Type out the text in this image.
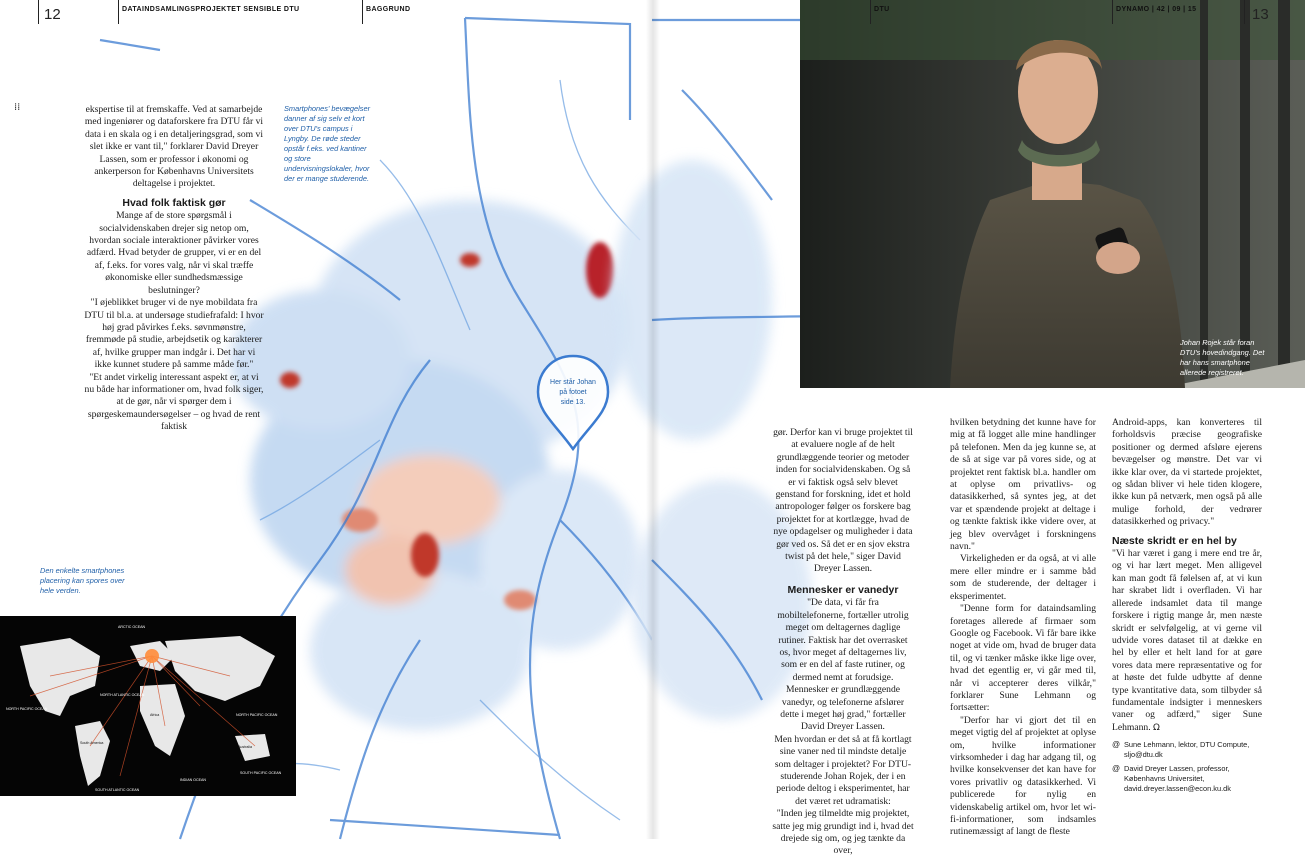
Her står Johan
på fotoet
side 13.
ARCTIC OCEAN
NORTH PACIFIC OCEAN
NORTH ATLANTIC OCEAN
SOUTH ATLANTIC OCEAN
INDIAN OCEAN
NORTH PACIFIC OCEAN
SOUTH PACIFIC OCEAN
South America
Africa
Australia
12	DATAINDSAMLINGSPROJEKTET SENSIBLE DTU	BAGGRUND
⁞⁞	Smartphones' bevægelser danner af sig selv et kort over DTU's campus i Lyngby. De røde steder opstår f.eks. ved kantiner og store undervisningslokaler, hvor der er mange studerende.
Den enkelte smartphones placering kan spores over hele verden.

ekspertise til at fremskaffe. Ved at samarbejde med ingeniører og dataforskere fra DTU får vi data i en skala og i en detaljeringsgrad, som vi slet ikke er vant til," forklarer David Dreyer Lassen, som er professor i økonomi og ankerperson for Københavns Universitets deltagelse i projektet.

Hvad folk faktisk gør

Mange af de store spørgsmål i socialvidenskaben drejer sig netop om, hvordan sociale interaktioner påvirker vores adfærd. Hvad betyder de grupper, vi er en del af, f.eks. for vores valg, når vi skal træffe økonomiske eller sundhedsmæssige beslutninger?

"I øjeblikket bruger vi de nye mobildata fra DTU til bl.a. at undersøge studiefrafald: I hvor høj grad påvirkes f.eks. søvnmønstre, fremmøde på studie, arbejdsetik og karakterer af, hvilke grupper man indgår i. Det har vi ikke kunnet studere på samme måde før."

"Et andet virkelig interessant aspekt er, at vi nu både har informationer om, hvad folk siger, at de gør, når vi spørger dem i spørgeskemaundersøgelser – og hvad de rent faktisk

DTU	DYNAMO | 42 | 09 | 15	13
Johan Rojek står foran DTU's hovedindgang. Det har hans smartphone allerede registreret.

gør. Derfor kan vi bruge projektet til at evaluere nogle af de helt grundlæggende teorier og metoder inden for socialvidenskaben. Og så er vi faktisk også selv blevet genstand for forskning, idet et hold antropologer følger os forskere bag projektet for at kortlægge, hvad de nye opdagelser og muligheder i data gør ved os. Så det er en sjov ekstra twist på det hele," siger David Dreyer Lassen.

Mennesker er vanedyr

"De data, vi får fra mobiltelefonerne, fortæller utrolig meget om deltagernes daglige rutiner. Faktisk har det overrasket os, hvor meget af deltagernes liv, som er en del af faste rutiner, og dermed nemt at forudsige. Mennesker er grundlæggende vanedyr, og telefonerne afslører dette i meget høj grad," fortæller David Dreyer Lassen.

Men hvordan er det så at få kortlagt sine vaner ned til mindste detalje som deltager i projektet? For DTU-studerende Johan Rojek, der i en periode deltog i eksperimentet, har det været ret udramatisk:

"Inden jeg tilmeldte mig projektet, satte jeg mig grundigt ind i, hvad det drejede sig om, og jeg tænkte da over,

hvilken betydning det kunne have for mig at få logget alle mine handlinger på telefonen. Men da jeg kunne se, at de så at sige var på vores side, og at projektet rent faktisk bl.a. handler om at oplyse om privatlivs- og datasikkerhed, så syntes jeg, at det var et spændende projekt at deltage i og tænkte faktisk ikke videre over, at jeg blev overvåget i forskningens navn."

Virkeligheden er da også, at vi alle mere eller mindre er i samme båd som de studerende, der deltager i eksperimentet.

"Denne form for dataindsamling foretages allerede af firmaer som Google og Facebook. Vi får bare ikke noget at vide om, hvad de bruger data til, og vi tænker måske ikke lige over, hvad det egentlig er, vi går med til, når vi accepterer deres vilkår," forklarer Sune Lehmann og fortsætter:

"Derfor har vi gjort det til en meget vigtig del af projektet at oplyse om, hvilke informationer virksomheder i dag har adgang til, og hvilke konsekvenser det kan have for vores privatliv og datasikkerhed. Vi publicerede for nylig en videnskabelig artikel om, hvor let wi-fi-informationer, som indsamles rutinemæssigt af langt de fleste

Android-apps, kan konverteres til forholdsvis præcise geografiske positioner og dermed afsløre ejerens bevægelser og mønstre. Det var vi ikke klar over, da vi startede projektet, og sådan bliver vi hele tiden klogere, ikke kun på netværk, men også på alle mulige forhold, der vedrører datasikkerhed og privacy."

Næste skridt er en hel by

"Vi har været i gang i mere end tre år, og vi har lært meget. Men alligevel kan man godt få følelsen af, at vi kun har skrabet lidt i overfladen. Vi har allerede indsamlet data til mange forskere i rigtig mange år, men næste skridt er selvfølgelig, at vi gerne vil udvide vores dataset til at dække en hel by eller et helt land for at gøre vores data mere repræsentative og for at høste det fulde udbytte af denne type kvantitative data, som tilbyder så fundamentale indsigter i menneskers vaner og adfærd," siger Sune Lehmann. Ω

@ Sune Lehmann, lektor, DTU Compute, sljo@dtu.dk
@ David Dreyer Lassen, professor, Københavns Universitet, david.dreyer.lassen@econ.ku.dk
